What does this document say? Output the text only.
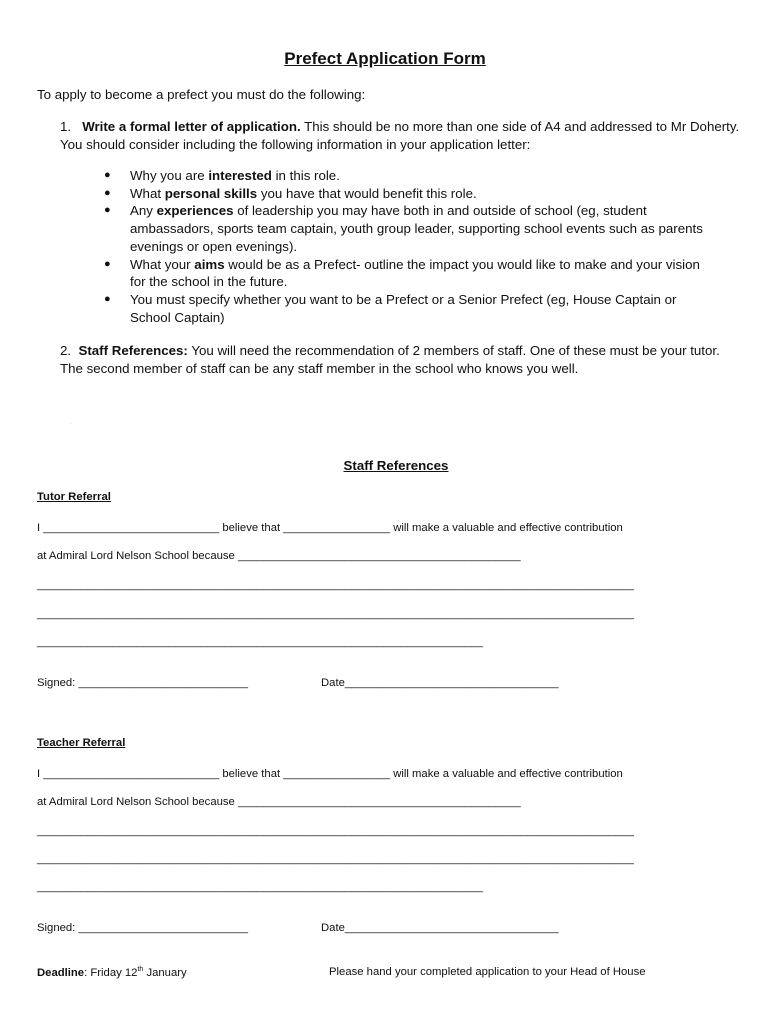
Prefect Application Form
To apply to become a prefect you must do the following:
1. Write a formal letter of application. This should be no more than one side of A4 and addressed to Mr Doherty. You should consider including the following information in your application letter:
● Why you are interested in this role.
● What personal skills you have that would benefit this role.
● Any experiences of leadership you may have both in and outside of school (eg, student ambassadors, sports team captain, youth group leader, supporting school events such as parents evenings or open evenings).
● What your aims would be as a Prefect- outline the impact you would like to make and your vision for the school in the future.
● You must specify whether you want to be a Prefect or a Senior Prefect (eg, House Captain or School Captain)
2. Staff References: You will need the recommendation of 2 members of staff. One of these must be your tutor. The second member of staff can be any staff member in the school who knows you well.
.
Staff References
Tutor Referral
I ____________________________ believe that _________________ will make a valuable and effective contribution
at Admiral Lord Nelson School because _____________________________________________
_______________________________________________________________________________________________
_______________________________________________________________________________________________
_______________________________________________________________________
Signed: ___________________________	Date__________________________________
Teacher Referral
I ____________________________ believe that _________________ will make a valuable and effective contribution
at Admiral Lord Nelson School because _____________________________________________
_______________________________________________________________________________________________
_______________________________________________________________________________________________
_______________________________________________________________________
Signed: ___________________________	Date__________________________________
Deadline: Friday 12th January	Please hand your completed application to your Head of House
